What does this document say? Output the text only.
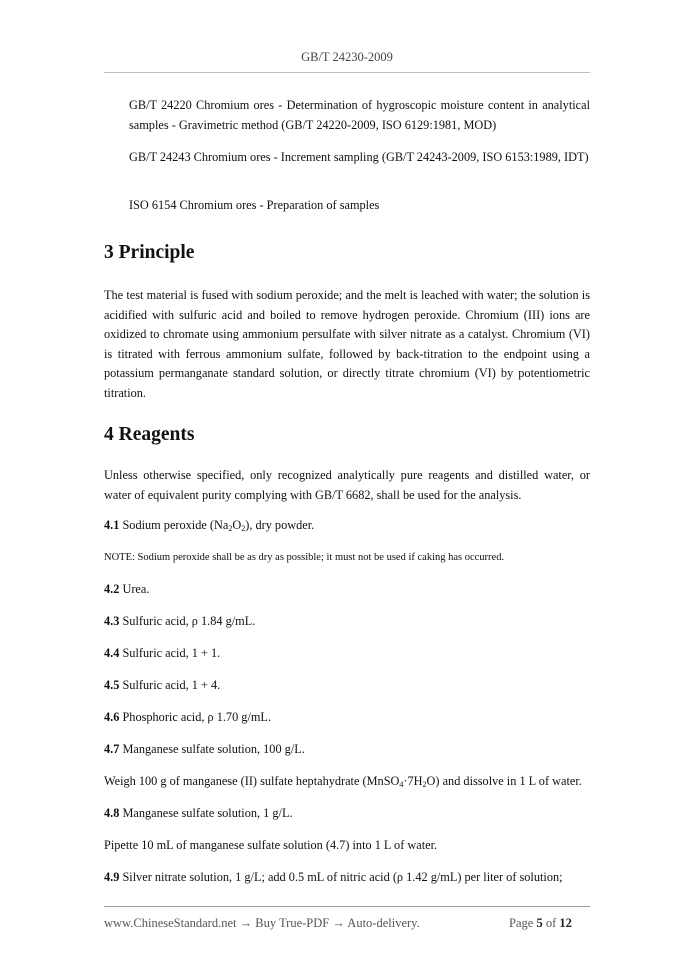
GB/T 24230-2009

GB/T 24220 Chromium ores - Determination of hygroscopic moisture content in analytical samples - Gravimetric method (GB/T 24220-2009, ISO 6129:1981, MOD)

GB/T 24243 Chromium ores - Increment sampling (GB/T 24243-2009, ISO 6153:1989, IDT)

ISO 6154 Chromium ores - Preparation of samples

3 Principle

The test material is fused with sodium peroxide; and the melt is leached with water; the solution is acidified with sulfuric acid and boiled to remove hydrogen peroxide. Chromium (III) ions are oxidized to chromate using ammonium persulfate with silver nitrate as a catalyst. Chromium (VI) is titrated with ferrous ammonium sulfate, followed by back-titration to the endpoint using a potassium permanganate standard solution, or directly titrate chromium (VI) by potentiometric titration.

4 Reagents

Unless otherwise specified, only recognized analytically pure reagents and distilled water, or water of equivalent purity complying with GB/T 6682, shall be used for the analysis.

4.1 Sodium peroxide $(Na_2O_2)$, dry powder.

NOTE: Sodium peroxide shall be as dry as possible; it must not be used if caking has occurred.

4.2 Urea.

4.3 Sulfuric acid, ρ 1.84 g/mL.

4.4 Sulfuric acid, 1 + 1.

4.5 Sulfuric acid, 1 + 4.

4.6 Phosphoric acid, ρ 1.70 g/mL.

4.7 Manganese sulfate solution, 100 g/L.

Weigh 100 g of manganese (II) sulfate heptahydrate $(MnSO_4\cdot 7H_2O)$ and dissolve in 1 L of water.

4.8 Manganese sulfate solution, 1 g/L.

Pipette 10 mL of manganese sulfate solution (4.7) into 1 L of water.

4.9 Silver nitrate solution, 1 g/L; add 0.5 mL of nitric acid (ρ 1.42 g/mL) per liter of solution;

www.ChineseStandard.net → Buy True-PDF → Auto-delivery.	Page 5 of 12
